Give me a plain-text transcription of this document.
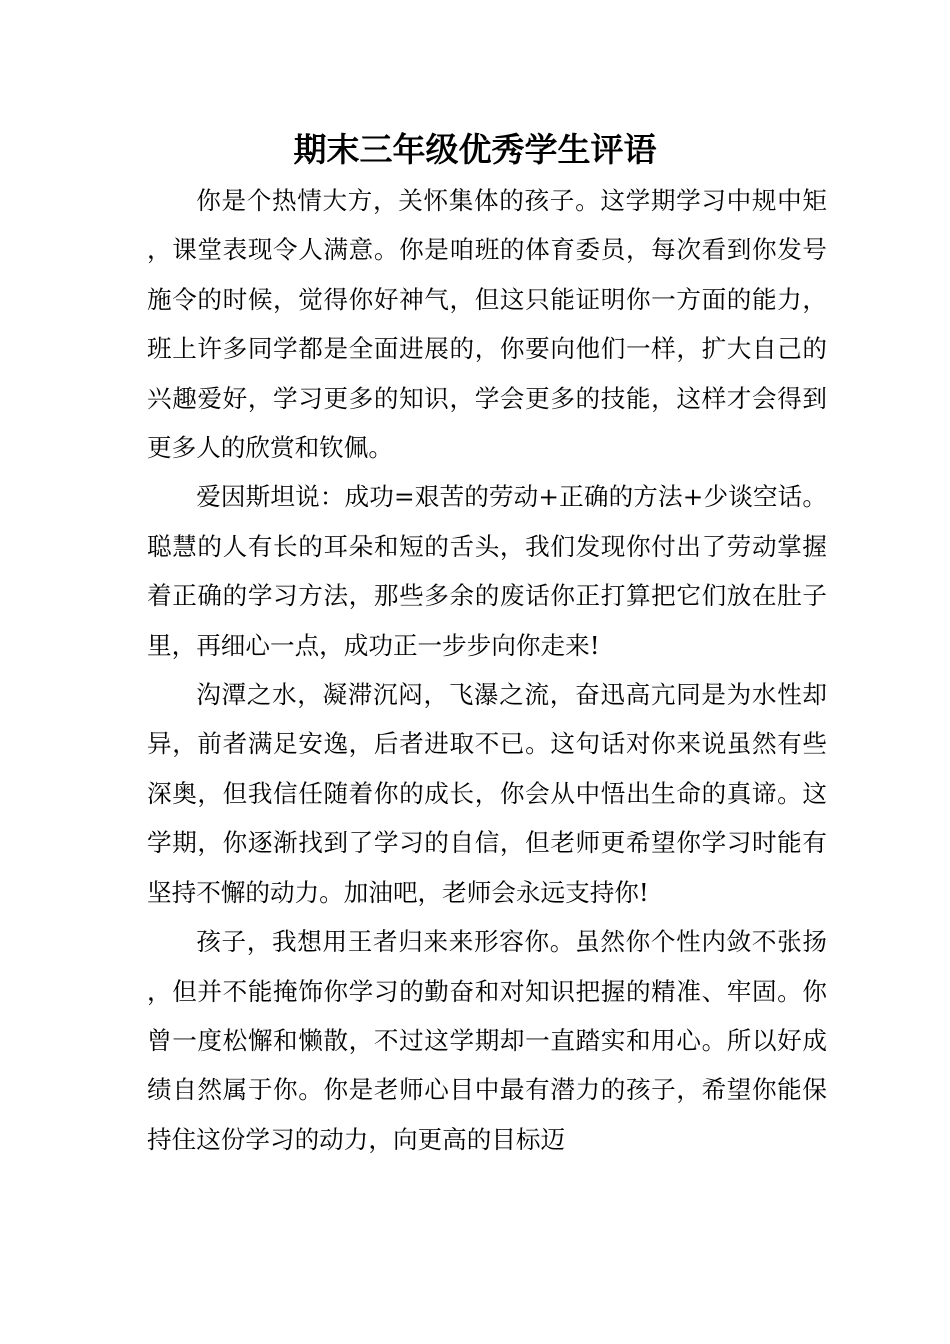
期末三年级优秀学生评语

你是个热情大方，关怀集体的孩子。这学期学习中规中矩，课堂表现令人满意。你是咱班的体育委员，每次看到你发号施令的时候，觉得你好神气，但这只能证明你一方面的能力，班上许多同学都是全面进展的，你要向他们一样，扩大自己的兴趣爱好，学习更多的知识，学会更多的技能，这样才会得到更多人的欣赏和钦佩。

爱因斯坦说：成功=艰苦的劳动+正确的方法+少谈空话。聪慧的人有长的耳朵和短的舌头，我们发现你付出了劳动掌握着正确的学习方法，那些多余的废话你正打算把它们放在肚子里，再细心一点，成功正一步步向你走来!

沟潭之水，凝滞沉闷，飞瀑之流，奋迅高亢同是为水性却异，前者满足安逸，后者进取不已。这句话对你来说虽然有些深奥，但我信任随着你的成长，你会从中悟出生命的真谛。这学期，你逐渐找到了学习的自信，但老师更希望你学习时能有坚持不懈的动力。加油吧，老师会永远支持你!

孩子，我想用王者归来来形容你。虽然你个性内敛不张扬，但并不能掩饰你学习的勤奋和对知识把握的精准、牢固。你曾一度松懈和懒散，不过这学期却一直踏实和用心。所以好成绩自然属于你。你是老师心目中最有潜力的孩子，希望你能保持住这份学习的动力，向更高的目标迈
